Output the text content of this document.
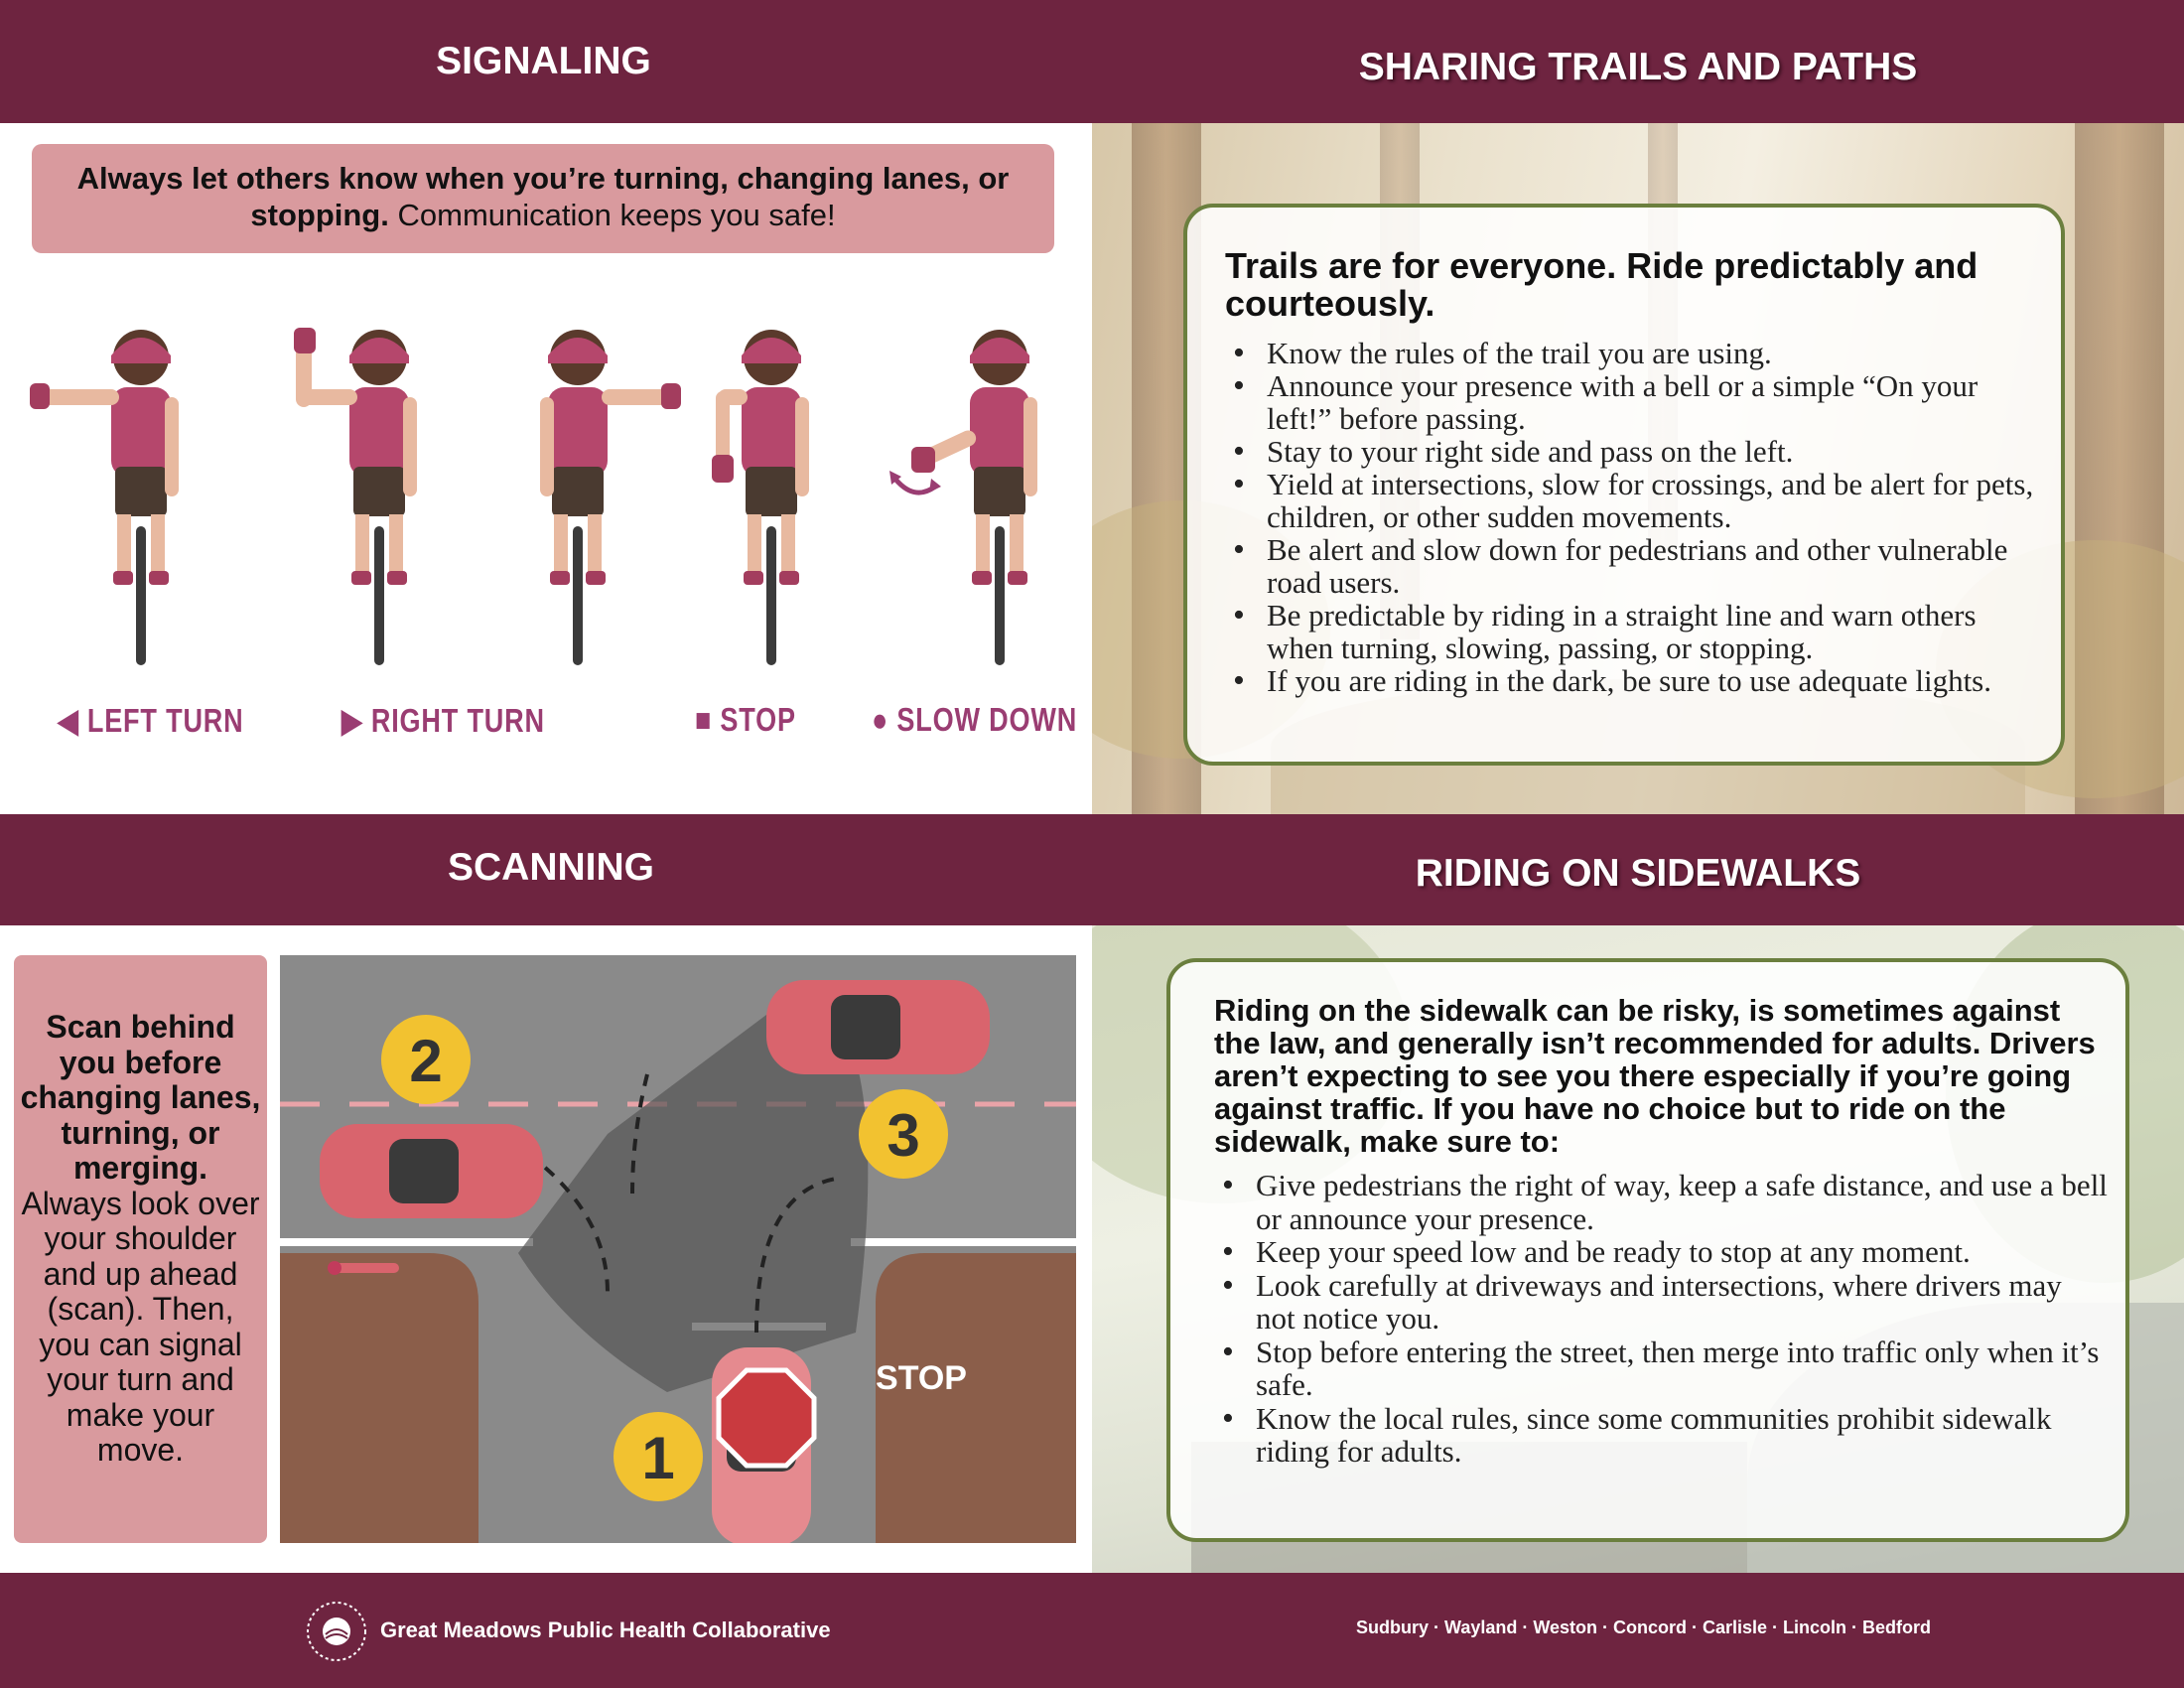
SIGNALING	SHARING TRAILS AND PATHS
Always let others know when you’re turning, changing lanes, or stopping. Communication keeps you safe!
◀ LEFT TURN	▶ RIGHT TURN	■ STOP ● SLOW DOWN
Trails are for everyone. Ride predictably and courteously.
• Know the rules of the trail you are using.
• Announce your presence with a bell or a simple “On your left!” before passing.
• Stay to your right side and pass on the left.
• Yield at intersections, slow for crossings, and be alert for pets, children, or other sudden movements.
• Be alert and slow down for pedestrians and other vulnerable road users.
• Be predictable by riding in a straight line and warn others when turning, slowing, passing, or stopping.
• If you are riding in the dark, be sure to use adequate lights.
SCANNING	RIDING ON SIDEWALKS
Scan behind you before changing lanes, turning, or merging. Always look over your shoulder and up ahead (scan). Then, you can signal your turn and make your move.
2
3
1
STOP
Riding on the sidewalk can be risky, is sometimes against the law, and generally isn’t recommended for adults. Drivers aren’t expecting to see you there especially if you’re going against traffic. If you have no choice but to ride on the sidewalk, make sure to:
• Give pedestrians the right of way, keep a safe distance, and use a bell or announce your presence.
• Keep your speed low and be ready to stop at any moment.
• Look carefully at driveways and intersections, where drivers may not notice you.
• Stop before entering the street, then merge into traffic only when it’s safe.
• Know the local rules, since some communities prohibit sidewalk riding for adults.
Great Meadows Public Health Collaborative	Sudbury · Wayland · Weston · Concord · Carlisle · Lincoln · Bedford
